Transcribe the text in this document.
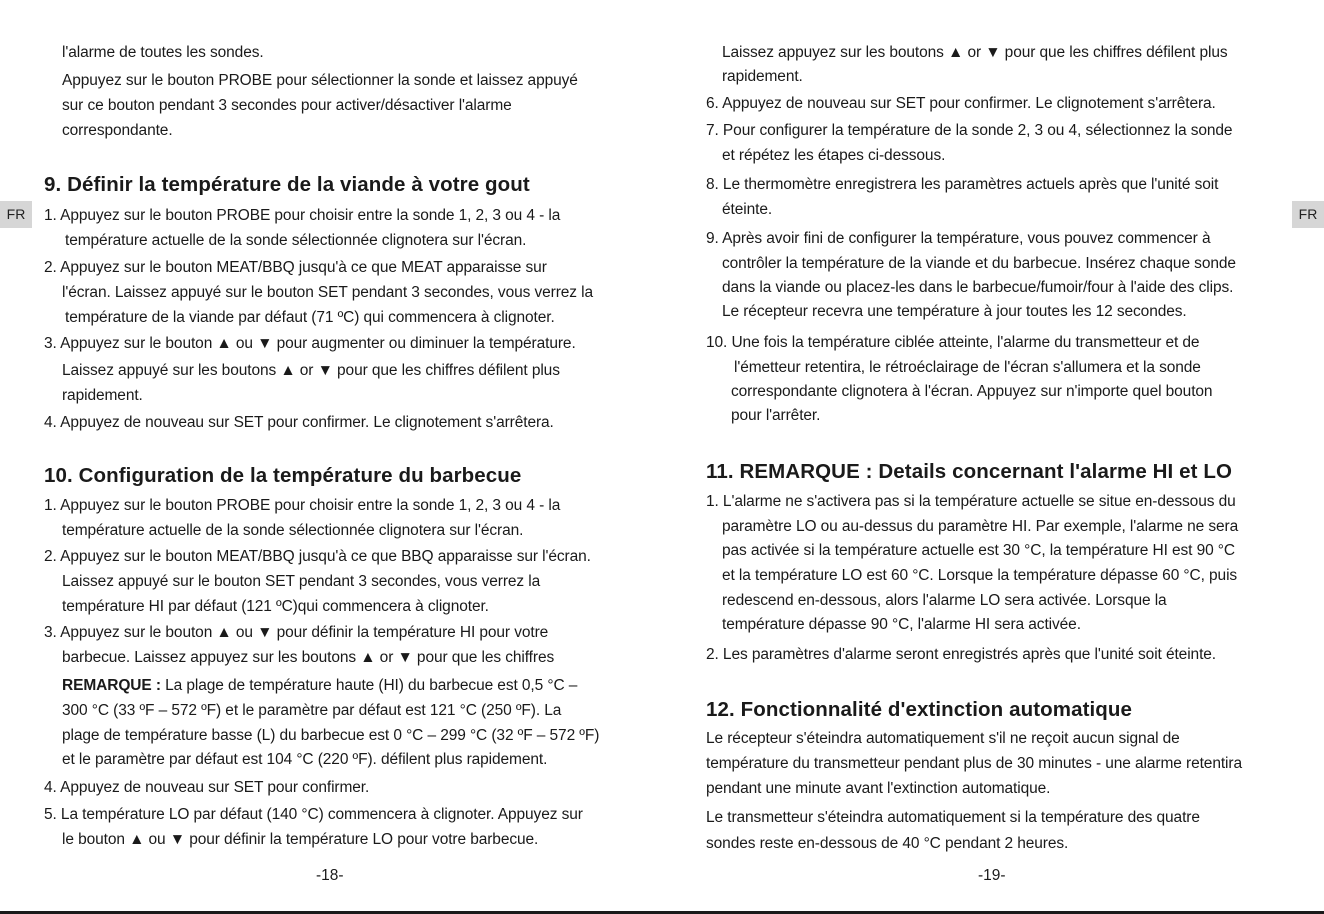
FR	FR
l'alarme de toutes les sondes.
Appuyez sur le bouton PROBE pour sélectionner la sonde et laissez appuyé
sur ce bouton pendant 3 secondes pour activer/désactiver l'alarme
correspondante.
9. Définir la température de la viande à votre gout
1. Appuyez sur le bouton PROBE pour choisir entre la sonde 1, 2, 3 ou 4 - la
température actuelle de la sonde sélectionnée clignotera sur l'écran.
2. Appuyez sur le bouton MEAT/BBQ jusqu'à ce que MEAT apparaisse sur
l'écran. Laissez appuyé sur le bouton SET pendant 3 secondes, vous verrez la
température de la viande par défaut (71 ºC) qui commencera à clignoter.
3. Appuyez sur le bouton ▲ ou ▼ pour augmenter ou diminuer la température.
Laissez appuyé sur les boutons ▲ or ▼ pour que les chiffres défilent plus
rapidement.
4. Appuyez de nouveau sur SET pour confirmer. Le clignotement s'arrêtera.
10. Configuration de la température du barbecue
1. Appuyez sur le bouton PROBE pour choisir entre la sonde 1, 2, 3 ou 4 - la
température actuelle de la sonde sélectionnée clignotera sur l'écran.
2. Appuyez sur le bouton MEAT/BBQ jusqu'à ce que BBQ apparaisse sur l'écran.
Laissez appuyé sur le bouton SET pendant 3 secondes, vous verrez la
température HI par défaut (121 ºC)qui commencera à clignoter.
3. Appuyez sur le bouton ▲ ou ▼ pour définir la température HI pour votre
barbecue. Laissez appuyez sur les boutons ▲ or ▼ pour que les chiffres
REMARQUE : La plage de température haute (HI) du barbecue est 0,5 °C –
300 °C (33 ºF – 572 ºF) et le paramètre par défaut est 121 °C (250 ºF). La
plage de température basse (L) du barbecue est 0 °C – 299 °C (32 ºF – 572 ºF)
et le paramètre par défaut est 104 °C (220 ºF). défilent plus rapidement.
4. Appuyez de nouveau sur SET pour confirmer.
5. La température LO par défaut (140 °C) commencera à clignoter. Appuyez sur
le bouton ▲ ou ▼ pour définir la température LO pour votre barbecue.
-18-
Laissez appuyez sur les boutons ▲ or ▼ pour que les chiffres défilent plus
rapidement.
6. Appuyez de nouveau sur SET pour confirmer. Le clignotement s'arrêtera.
7. Pour configurer la température de la sonde 2, 3 ou 4, sélectionnez la sonde
et répétez les étapes ci-dessous.
8. Le thermomètre enregistrera les paramètres actuels après que l'unité soit
éteinte.
9. Après avoir fini de configurer la température, vous pouvez commencer à
contrôler la température de la viande et du barbecue. Insérez chaque sonde
dans la viande ou placez-les dans le barbecue/fumoir/four à l'aide des clips.
Le récepteur recevra une température à jour toutes les 12 secondes.
10. Une fois la température ciblée atteinte, l'alarme du transmetteur et de
l'émetteur retentira, le rétroéclairage de l'écran s'allumera et la sonde
correspondante clignotera à l'écran. Appuyez sur n'importe quel bouton
pour l'arrêter.
11. REMARQUE : Details concernant l'alarme HI et LO
1. L'alarme ne s'activera pas si la température actuelle se situe en-dessous du
paramètre LO ou au-dessus du paramètre HI. Par exemple, l'alarme ne sera
pas activée si la température actuelle est 30 °C, la température HI est 90 °C
et la température LO est 60 °C. Lorsque la température dépasse 60 °C, puis
redescend en-dessous, alors l'alarme LO sera activée. Lorsque la
température dépasse 90 °C, l'alarme HI sera activée.
2. Les paramètres d'alarme seront enregistrés après que l'unité soit éteinte.
12. Fonctionnalité d'extinction automatique
Le récepteur s'éteindra automatiquement s'il ne reçoit aucun signal de
température du transmetteur pendant plus de 30 minutes - une alarme retentira
pendant une minute avant l'extinction automatique.
Le transmetteur s'éteindra automatiquement si la température des quatre
sondes reste en-dessous de 40 °C pendant 2 heures.
-19-
